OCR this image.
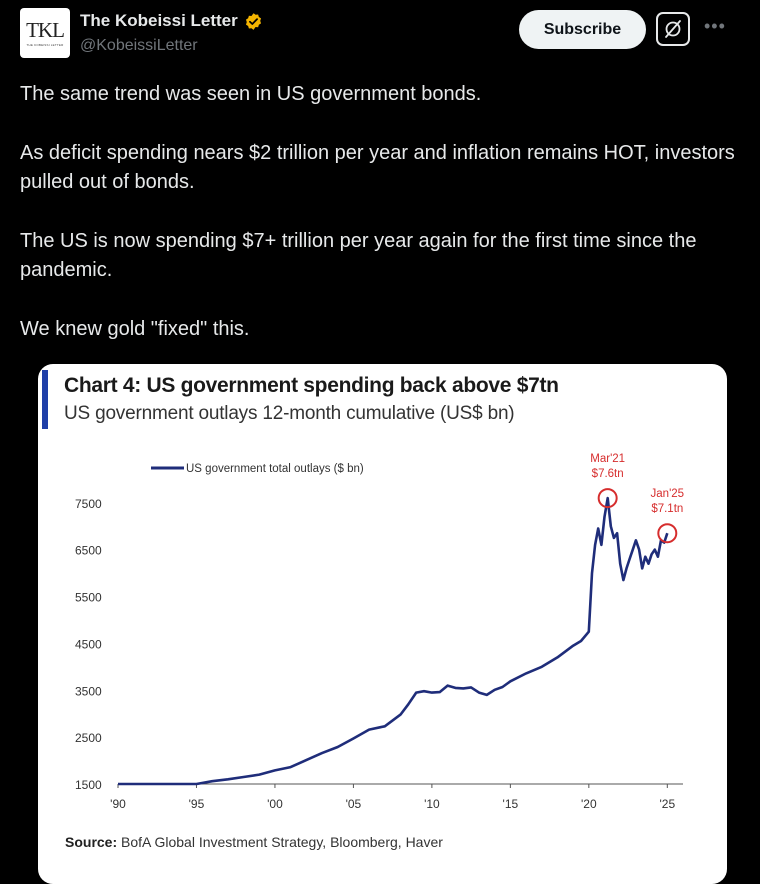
TKL
THE KOBEISSI LETTER
The Kobeissi Letter
@KobeissiLetter
Subscribe	•••

The same trend was seen in US government bonds.

As deficit spending nears $2 trillion per year and inflation remains HOT, investors pulled out of bonds.

The US is now spending $7+ trillion per year again for the first time since the pandemic.

We knew gold "fixed" this.

Chart 4: US government spending back above $7tn
US government outlays 12-month cumulative (US$ bn)
7500
6500
5500
4500
3500
2500
1500
'90	'95	'00	'05	'10	'15	'20	'25
US government total outlays ($ bn)
Mar'21
$7.6tn
Jan'25
$7.1tn
Source: BofA Global Investment Strategy, Bloomberg, Haver
